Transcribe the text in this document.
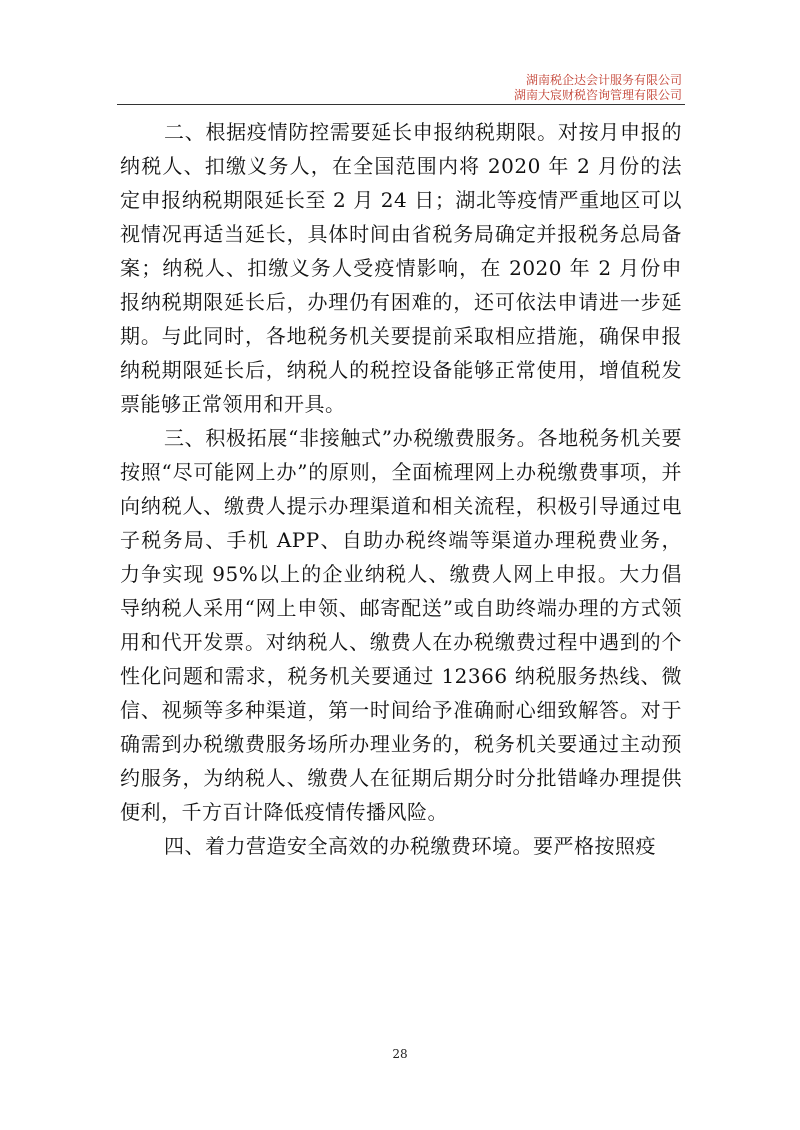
湖南税企达会计服务有限公司
湖南大宸财税咨询管理有限公司

二、根据疫情防控需要延长申报纳税期限。对按月申报的纳税人、扣缴义务人，在全国范围内将 2020 年 2 月份的法定申报纳税期限延长至 2 月 24 日；湖北等疫情严重地区可以视情况再适当延长，具体时间由省税务局确定并报税务总局备案；纳税人、扣缴义务人受疫情影响，在 2020 年 2 月份申报纳税期限延长后，办理仍有困难的，还可依法申请进一步延期。与此同时，各地税务机关要提前采取相应措施，确保申报纳税期限延长后，纳税人的税控设备能够正常使用，增值税发票能够正常领用和开具。

三、积极拓展“非接触式”办税缴费服务。各地税务机关要按照“尽可能网上办”的原则，全面梳理网上办税缴费事项，并向纳税人、缴费人提示办理渠道和相关流程，积极引导通过电子税务局、手机 APP、自助办税终端等渠道办理税费业务，力争实现 95%以上的企业纳税人、缴费人网上申报。大力倡导纳税人采用“网上申领、邮寄配送”或自助终端办理的方式领用和代开发票。对纳税人、缴费人在办税缴费过程中遇到的个性化问题和需求，税务机关要通过 12366 纳税服务热线、微信、视频等多种渠道，第一时间给予准确耐心细致解答。对于确需到办税缴费服务场所办理业务的，税务机关要通过主动预约服务，为纳税人、缴费人在征期后期分时分批错峰办理提供便利，千方百计降低疫情传播风险。

四、着力营造安全高效的办税缴费环境。要严格按照疫

28
